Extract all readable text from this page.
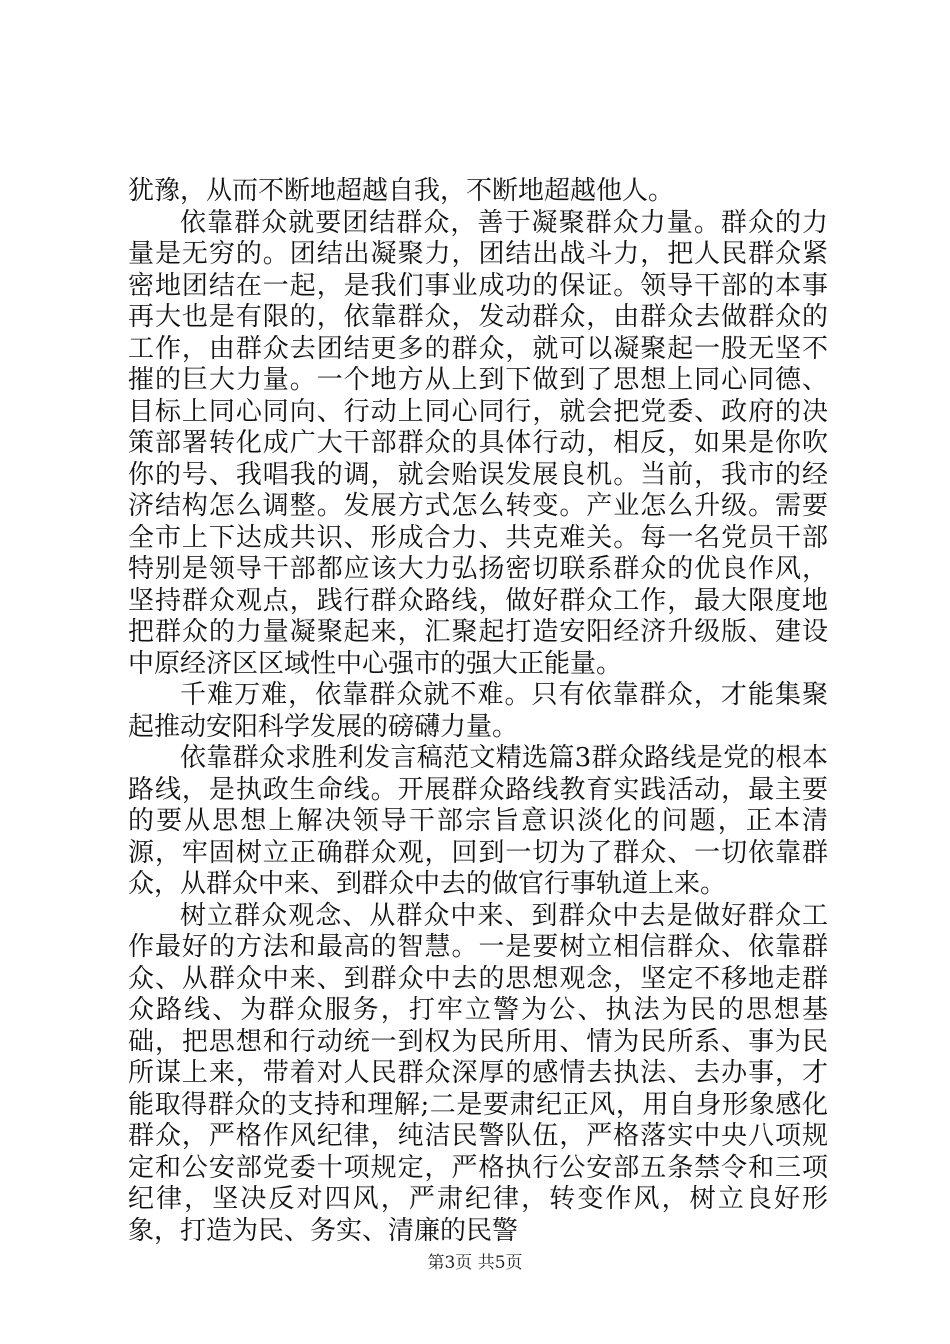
犹豫，从而不断地超越自我，不断地超越他人。

依靠群众就要团结群众，善于凝聚群众力量。群众的力量是无穷的。团结出凝聚力，团结出战斗力，把人民群众紧密地团结在一起，是我们事业成功的保证。领导干部的本事再大也是有限的，依靠群众，发动群众，由群众去做群众的工作，由群众去团结更多的群众，就可以凝聚起一股无坚不摧的巨大力量。一个地方从上到下做到了思想上同心同德、目标上同心同向、行动上同心同行，就会把党委、政府的决策部署转化成广大干部群众的具体行动，相反，如果是你吹你的号、我唱我的调，就会贻误发展良机。当前，我市的经济结构怎么调整。发展方式怎么转变。产业怎么升级。需要全市上下达成共识、形成合力、共克难关。每一名党员干部特别是领导干部都应该大力弘扬密切联系群众的优良作风，坚持群众观点，践行群众路线，做好群众工作，最大限度地把群众的力量凝聚起来，汇聚起打造安阳经济升级版、建设中原经济区区域性中心强市的强大正能量。

千难万难，依靠群众就不难。只有依靠群众，才能集聚起推动安阳科学发展的磅礴力量。

依靠群众求胜利发言稿范文精选篇3群众路线是党的根本路线，是执政生命线。开展群众路线教育实践活动，最主要的要从思想上解决领导干部宗旨意识淡化的问题，正本清源，牢固树立正确群众观，回到一切为了群众、一切依靠群众，从群众中来、到群众中去的做官行事轨道上来。

树立群众观念、从群众中来、到群众中去是做好群众工作最好的方法和最高的智慧。一是要树立相信群众、依靠群众、从群众中来、到群众中去的思想观念，坚定不移地走群众路线、为群众服务，打牢立警为公、执法为民的思想基础，把思想和行动统一到权为民所用、情为民所系、事为民所谋上来，带着对人民群众深厚的感情去执法、去办事，才能取得群众的支持和理解;二是要肃纪正风，用自身形象感化群众，严格作风纪律，纯洁民警队伍，严格落实中央八项规定和公安部党委十项规定，严格执行公安部五条禁令和三项纪律，坚决反对四风，严肃纪律，转变作风，树立良好形象，打造为民、务实、清廉的民警

第3页 共5页
